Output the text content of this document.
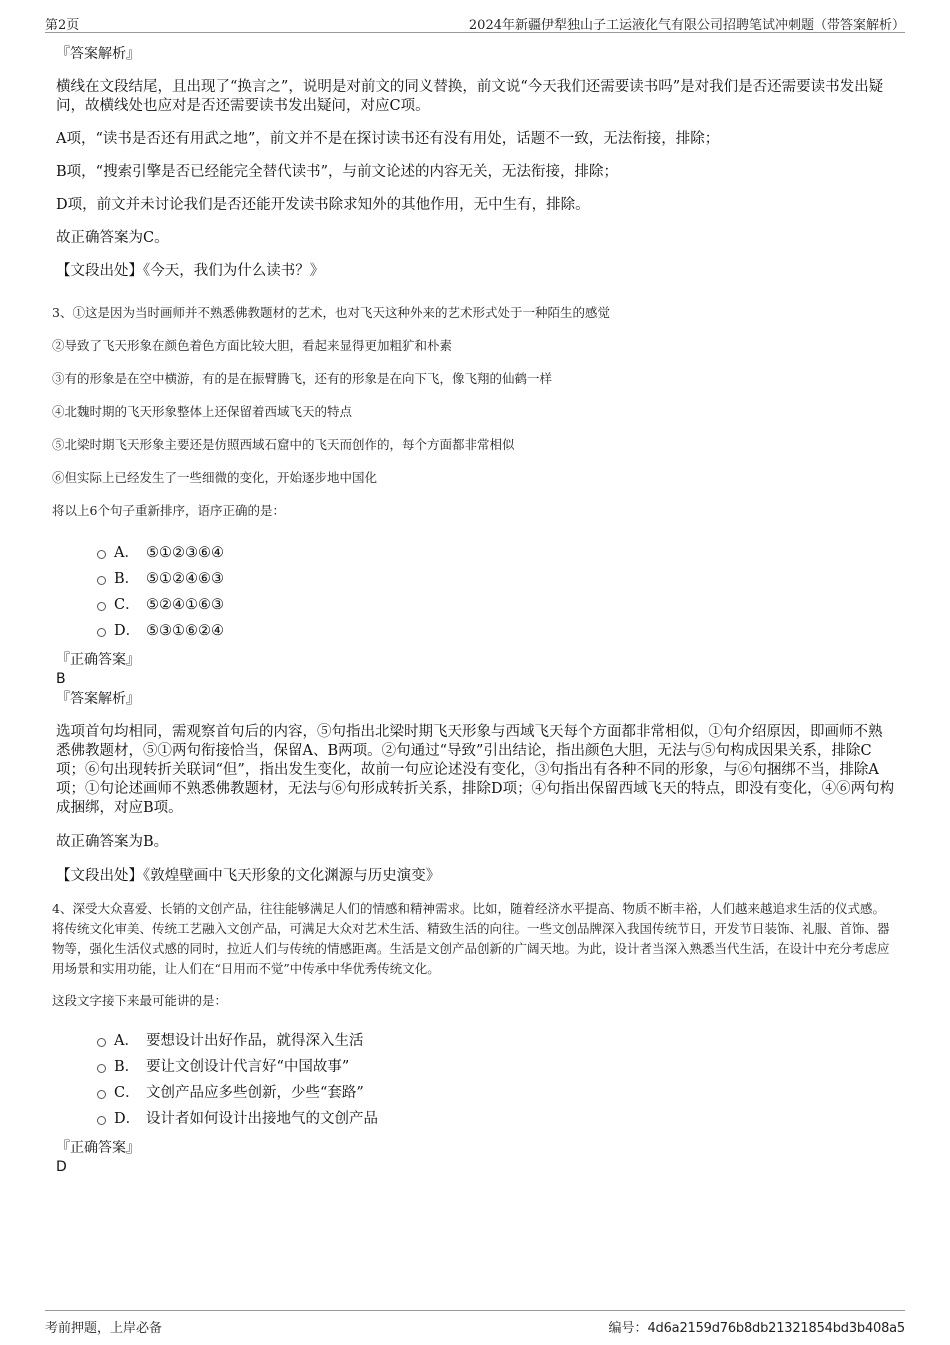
第2页	2024年新疆伊犁独山子工运液化气有限公司招聘笔试冲刺题（带答案解析）

『答案解析』

横线在文段结尾，且出现了“换言之”，说明是对前文的同义替换，前文说“今天我们还需要读书吗”是对我们是否还需要读书发出疑问，故横线处也应对是否还需要读书发出疑问，对应C项。

A项，“读书是否还有用武之地”，前文并不是在探讨读书还有没有用处，话题不一致，无法衔接，排除；

B项，“搜索引擎是否已经能完全替代读书”，与前文论述的内容无关，无法衔接，排除；

D项，前文并未讨论我们是否还能开发读书除求知外的其他作用，无中生有，排除。

故正确答案为C。

【文段出处】《今天，我们为什么读书？》

3、①这是因为当时画师并不熟悉佛教题材的艺术，也对飞天这种外来的艺术形式处于一种陌生的感觉

②导致了飞天形象在颜色着色方面比较大胆，看起来显得更加粗犷和朴素

③有的形象是在空中横游，有的是在振臂腾飞，还有的形象是在向下飞，像飞翔的仙鹤一样

④北魏时期的飞天形象整体上还保留着西域飞天的特点

⑤北梁时期飞天形象主要还是仿照西域石窟中的飞天而创作的，每个方面都非常相似

⑥但实际上已经发生了一些细微的变化，开始逐步地中国化

将以上6个句子重新排序，语序正确的是：

A． ⑤①②③⑥④
B． ⑤①②④⑥③
C． ⑤②④①⑥③
D． ⑤③①⑥②④

『正确答案』

B

『答案解析』

选项首句均相同，需观察首句后的内容，⑤句指出北梁时期飞天形象与西域飞天每个方面都非常相似，①句介绍原因，即画师不熟悉佛教题材，⑤①两句衔接恰当，保留A、B两项。②句通过“导致”引出结论，指出颜色大胆，无法与⑤句构成因果关系，排除C项；⑥句出现转折关联词“但”，指出发生变化，故前一句应论述没有变化，③句指出有各种不同的形象，与⑥句捆绑不当，排除A项；①句论述画师不熟悉佛教题材，无法与⑥句形成转折关系，排除D项；④句指出保留西域飞天的特点，即没有变化，④⑥两句构成捆绑，对应B项。

故正确答案为B。

【文段出处】《敦煌壁画中飞天形象的文化渊源与历史演变》

4、深受大众喜爱、长销的文创产品，往往能够满足人们的情感和精神需求。比如，随着经济水平提高、物质不断丰裕，人们越来越追求生活的仪式感。将传统文化审美、传统工艺融入文创产品，可满足大众对艺术生活、精致生活的向往。一些文创品牌深入我国传统节日，开发节日装饰、礼服、首饰、器物等，强化生活仪式感的同时，拉近人们与传统的情感距离。生活是文创产品创新的广阔天地。为此，设计者当深入熟悉当代生活，在设计中充分考虑应用场景和实用功能，让人们在“日用而不觉”中传承中华优秀传统文化。

这段文字接下来最可能讲的是：

A． 要想设计出好作品，就得深入生活
B． 要让文创设计代言好“中国故事”
C． 文创产品应多些创新，少些“套路”
D． 设计者如何设计出接地气的文创产品

『正确答案』

D

考前押题，上岸必备	编号：4d6a2159d76b8db21321854bd3b408a5
